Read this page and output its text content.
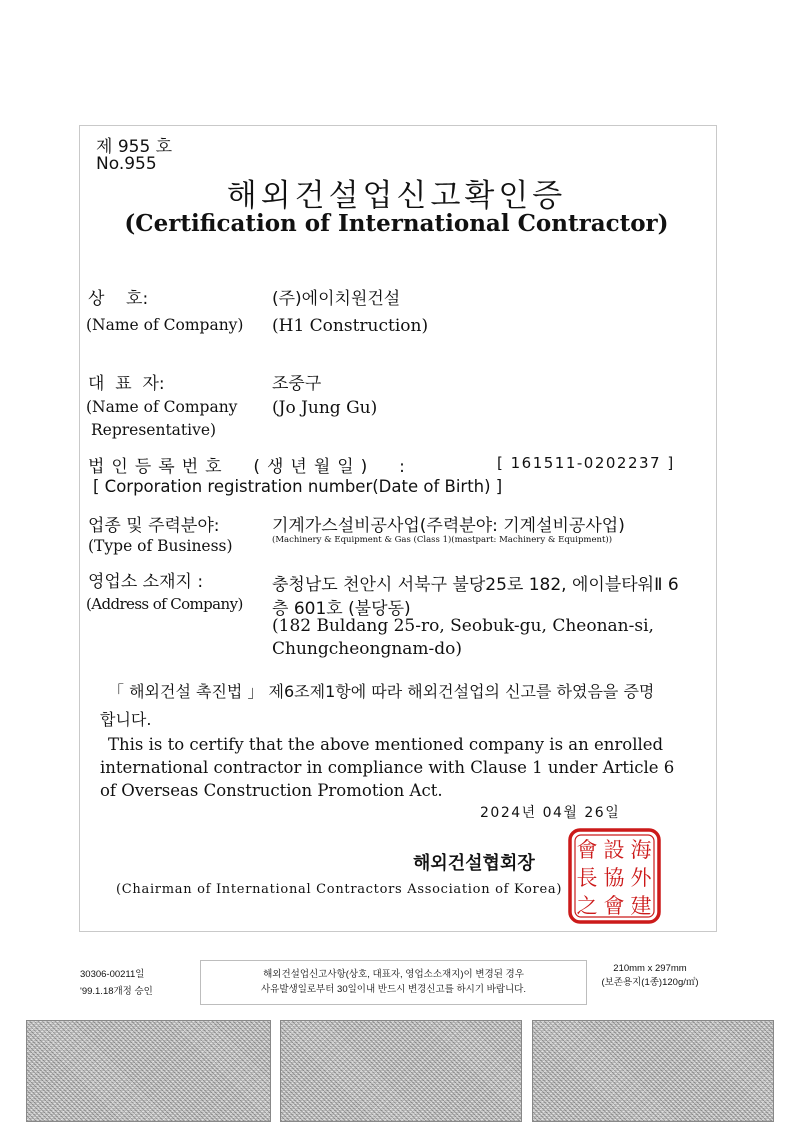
제 955 호
No.955
해외건설업신고확인증
(Certification of International Contractor)
상    호:
(Name of Company)
(주)에이치원건설
(H1 Construction)
대  표  자:
(Name of Company
Representative)
조중구
(Jo Jung Gu)
법인등록번호  (생년월일)  :	[ 161511-0202237 ]
[ Corporation registration number(Date of Birth) ]
업종 및 주력분야:
(Type of Business)
기계가스설비공사업(주력분야: 기계설비공사업)
(Machinery & Equipment & Gas (Class 1)(mastpart: Machinery & Equipment))
영업소 소재지 :
(Address of Company)
충청남도 천안시 서북구 불당25로 182, 에이블타워Ⅱ 6
층 601호 (불당동)
(182 Buldang 25-ro, Seobuk-gu, Cheonan-si,
Chungcheongnam-do)
「 해외건설 촉진법 」 제6조제1항에 따라 해외건설업의 신고를 하였음을 증명
합니다.
This is to certify that the above mentioned company is an enrolled
international contractor in compliance with Clause 1 under Article 6
of Overseas Construction Promotion Act.
2024년 04월 26일
해외건설협회장
(Chairman of International Contractors Association of Korea)
海
外
建
設
協
會
會
長
之
30306-00211일
'99.1.18개정 승인
해외건설업신고사항(상호, 대표자, 영업소소재지)이 변경된 경우
사유발생일로부터 30일이내 반드시 변경신고를 하시기 바랍니다.
210mm x 297mm
(보존용지(1종)120g/㎡)
